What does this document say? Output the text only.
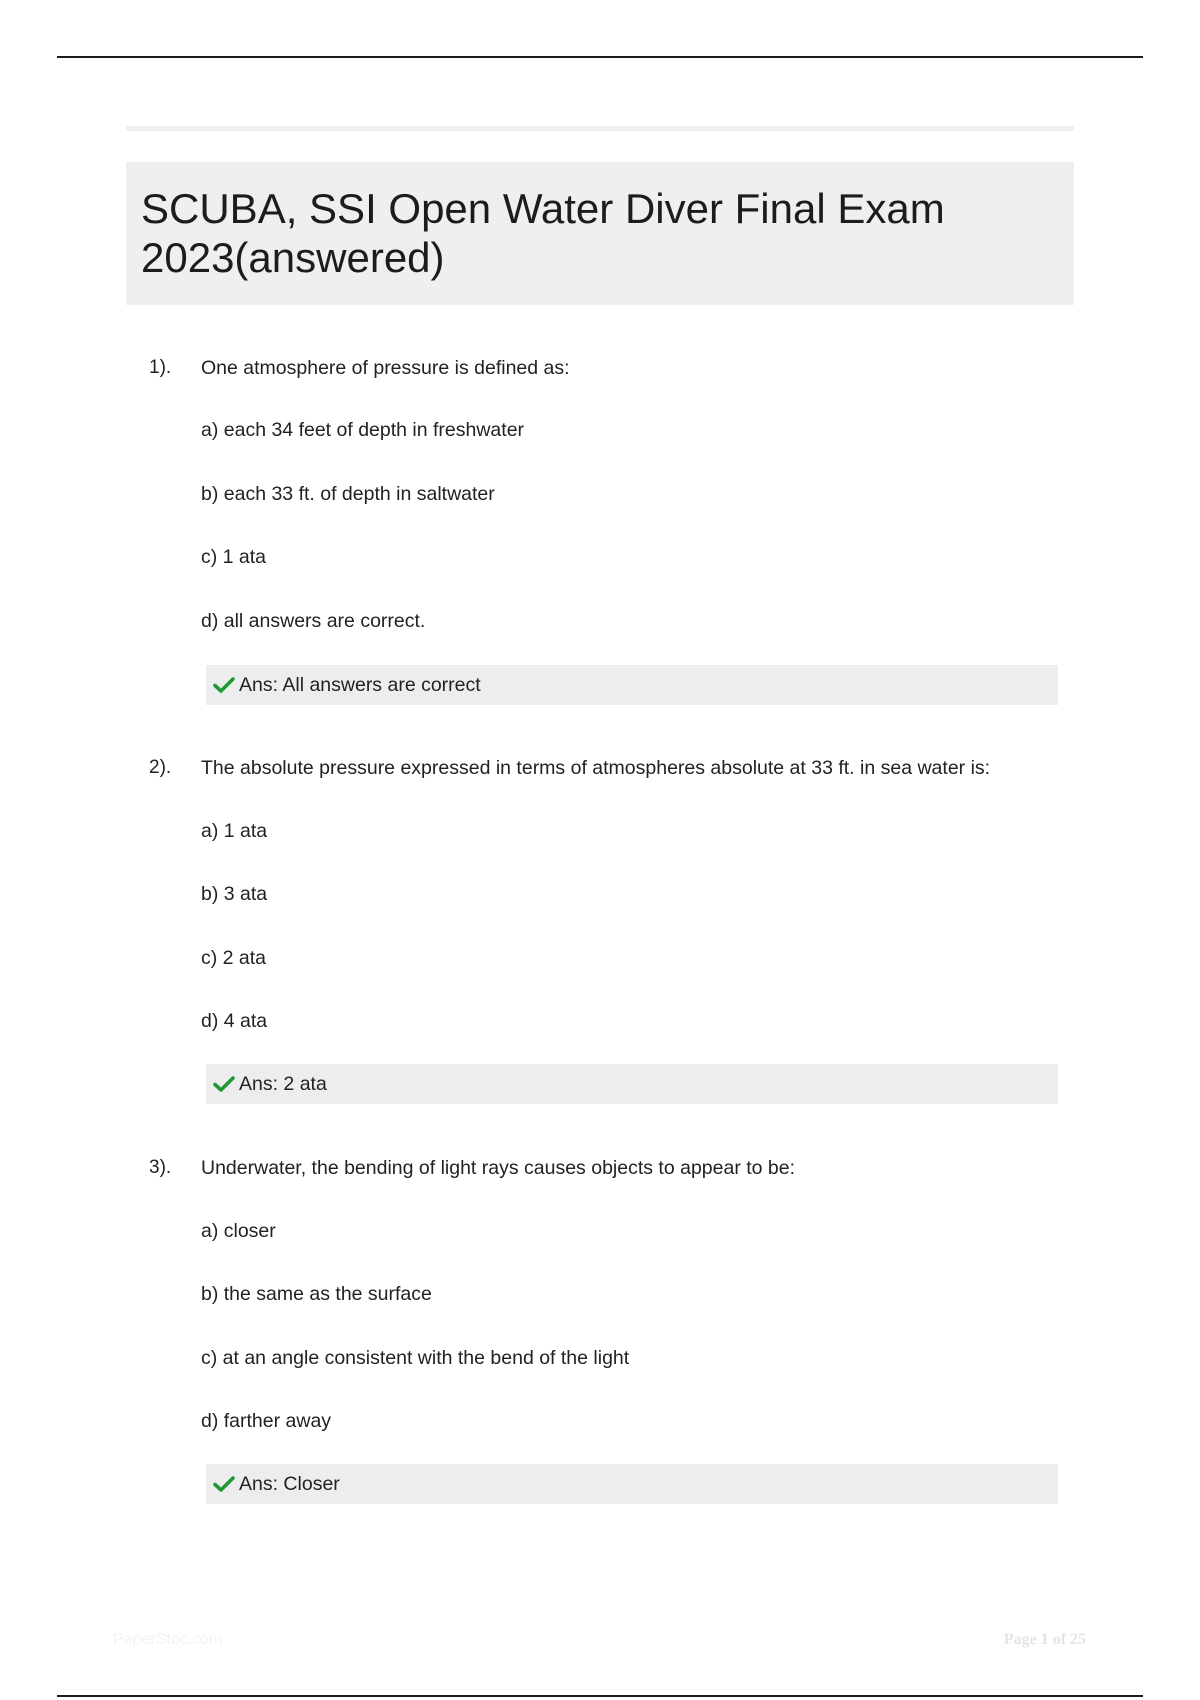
SCUBA, SSI Open Water Diver Final Exam 2023(answered)
1). One atmosphere of pressure is defined as:
a) each 34 feet of depth in freshwater
b) each 33 ft. of depth in saltwater
c) 1 ata
d) all answers are correct.
Ans: All answers are correct
2). The absolute pressure expressed in terms of atmospheres absolute at 33 ft. in sea water is:
a) 1 ata
b) 3 ata
c) 2 ata
d) 4 ata
Ans: 2 ata
3). Underwater, the bending of light rays causes objects to appear to be:
a) closer
b) the same as the surface
c) at an angle consistent with the bend of the light
d) farther away
Ans: Closer
PaperStoc.com	Page 1 of 25
